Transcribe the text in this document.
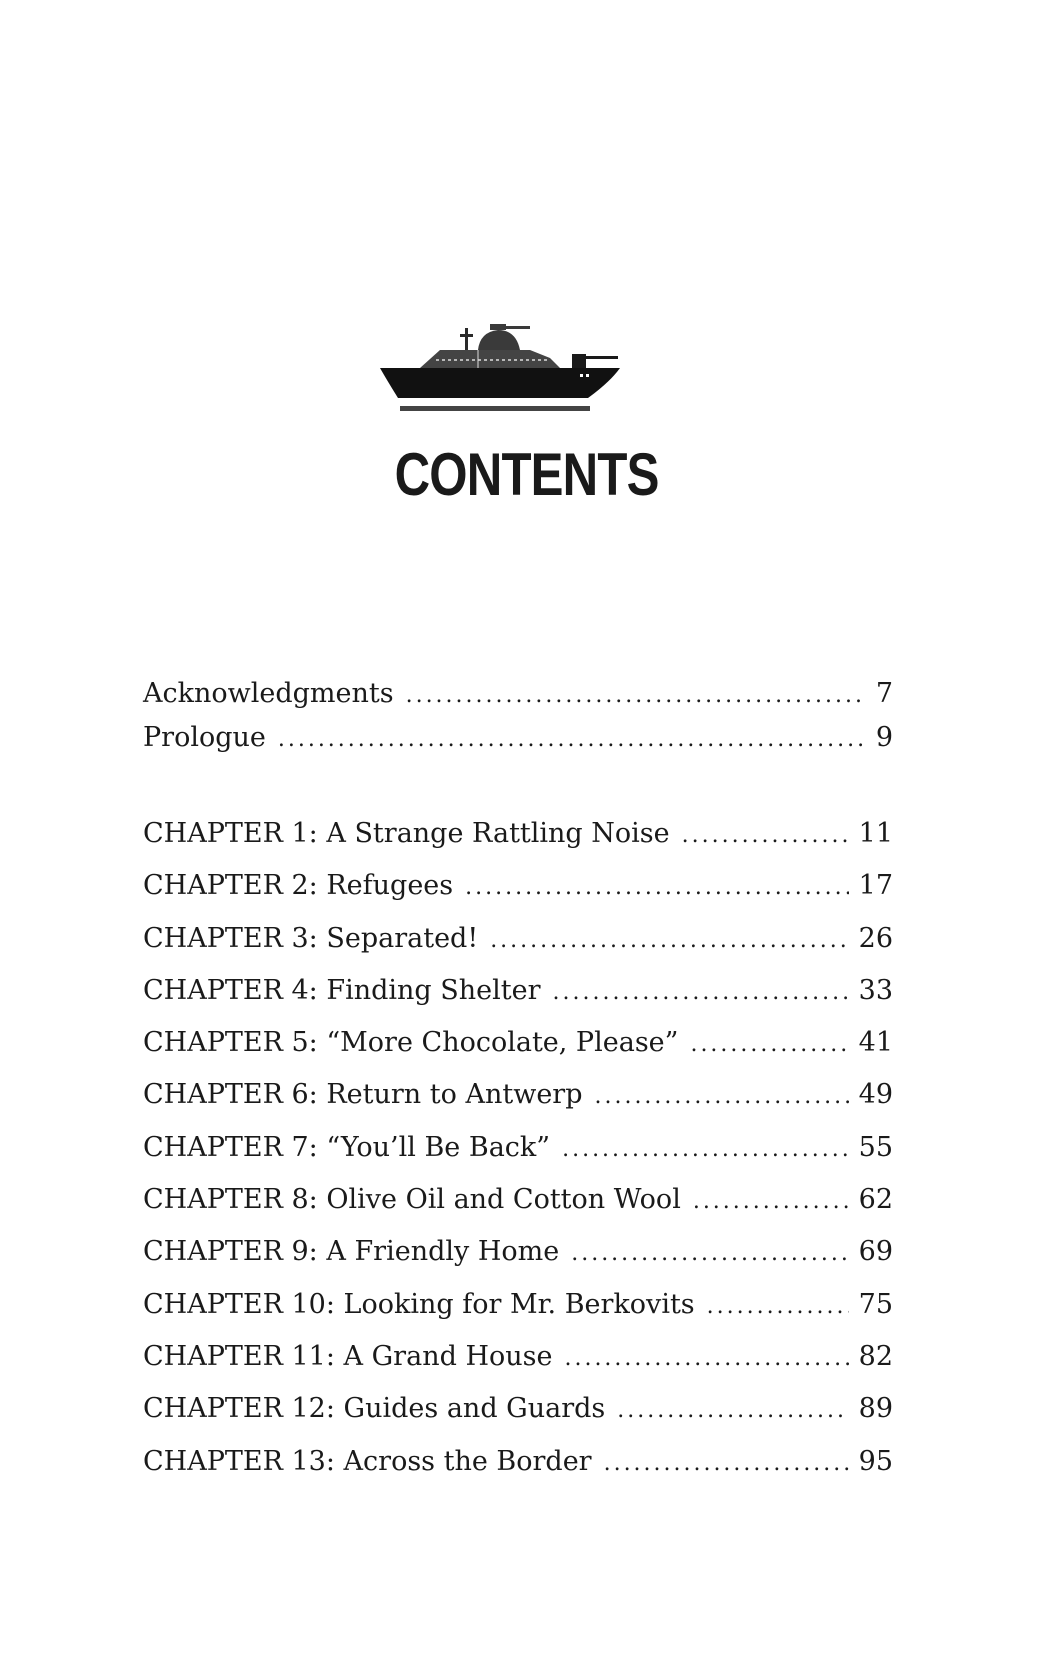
CONTENTS
Acknowledgments . . .	7
Prologue . . .	9
CHAPTER 1: A Strange Rattling Noise . . .	11
CHAPTER 2: Refugees . . .	17
CHAPTER 3: Separated! . . .	26
CHAPTER 4: Finding Shelter . . .	33
CHAPTER 5: “More Chocolate, Please” . . .	41
CHAPTER 6: Return to Antwerp . . .	49
CHAPTER 7: “You’ll Be Back” . . .	55
CHAPTER 8: Olive Oil and Cotton Wool . . .	62
CHAPTER 9: A Friendly Home . . .	69
CHAPTER 10: Looking for Mr. Berkovits . . .	75
CHAPTER 11: A Grand House . . .	82
CHAPTER 12: Guides and Guards . . .	89
CHAPTER 13: Across the Border . . .	95
